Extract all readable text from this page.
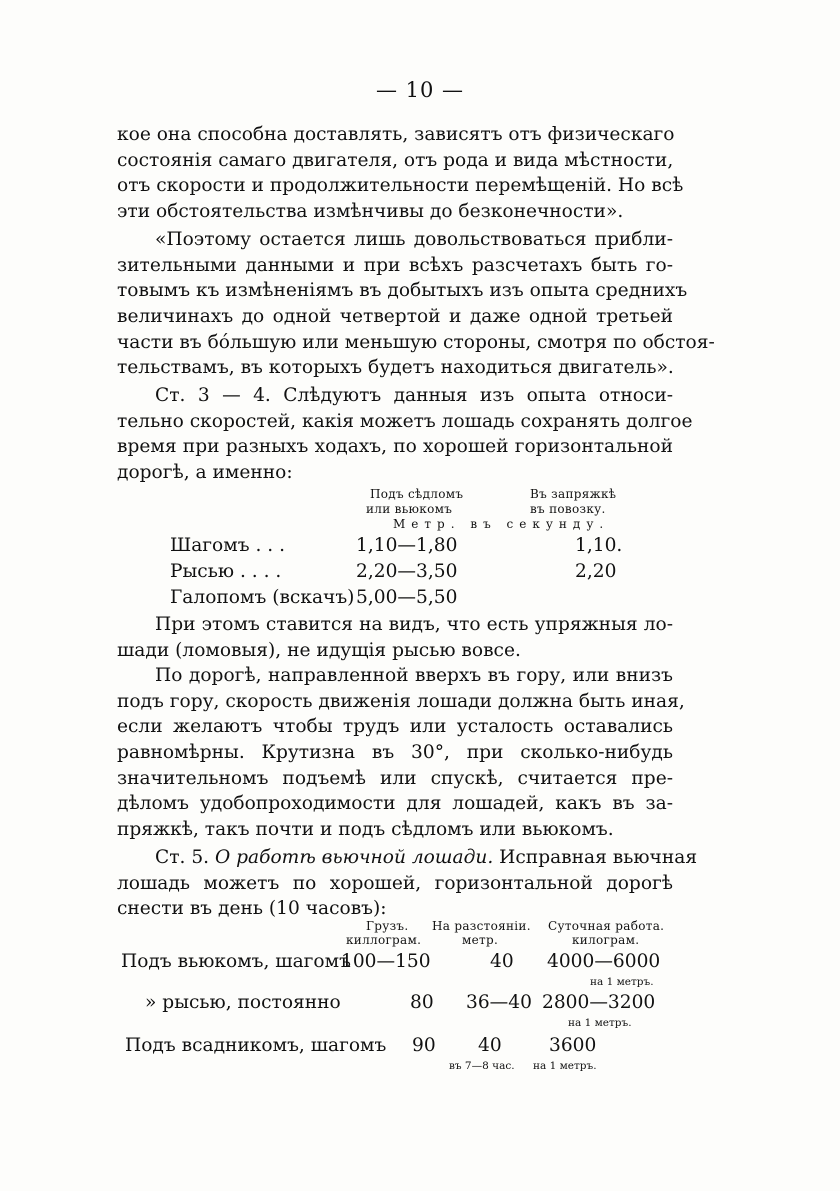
— 10 —
кое она способна доставлять, зависятъ отъ физическаго
состоянія самаго двигателя, отъ рода и вида мѣстности,
отъ скорости и продолжительности перемѣщеній. Но всѣ
эти обстоятельства измѣнчивы до безконечности».
«Поэтому остается лишь довольствоваться прибли-
зительными данными и при всѣхъ разсчетахъ быть го-
товымъ къ измѣненіямъ въ добытыхъ изъ опыта среднихъ
величинахъ до одной четвертой и даже одной третьей
части въ бо́льшую или меньшую стороны, смотря по обстоя-
тельствамъ, въ которыхъ будетъ находиться двигатель».
Ст. 3 — 4. Слѣдуютъ данныя изъ опыта относи-
тельно скоростей, какія можетъ лошадь сохранять долгое
время при разныхъ ходахъ, по хорошей горизонтальной
дорогѣ, а именно:
Подъ сѣдломъ
или вьюкомъ
Въ запряжкѣ
въ повозку.
Метр. въ секунду.
Шагомъ . . .	1,10—1,80	1,10.
Рысью . . . .	2,20—3,50	2,20
Галопомъ (вскачъ) 5,00—5,50
При этомъ ставится на видъ, что есть упряжныя ло-
шади (ломовыя), не идущія рысью вовсе.
По дорогѣ, направленной вверхъ въ гору, или внизъ
подъ гору, скорость движенія лошади должна быть иная,
если желаютъ чтобы трудъ или усталость оставались
равномѣрны. Крутизна въ 30°, при сколько-нибудь
значительномъ подъемѣ или спускѣ, считается пре-
дѣломъ удобопроходимости для лошадей, какъ въ за-
пряжкѣ, такъ почти и подъ сѣдломъ или вьюкомъ.
Ст. 5. О работѣ вьючной лошади. Исправная вьючная
лошадь можетъ по хорошей, горизонтальной дорогѣ
снести въ день (10 часовъ):
Грузъ.
киллограм.
На разстояніи.
метр.
Суточная работа.
килограм.
Подъ вьюкомъ, шагомъ
100—150	40 4000—6000
на 1 метръ.
» рысью, постоянно	80 36—40 2800—3200
на 1 метръ.
Подъ всадникомъ, шагомъ 90 40	3600
въ 7—8 час. на 1 метръ.
